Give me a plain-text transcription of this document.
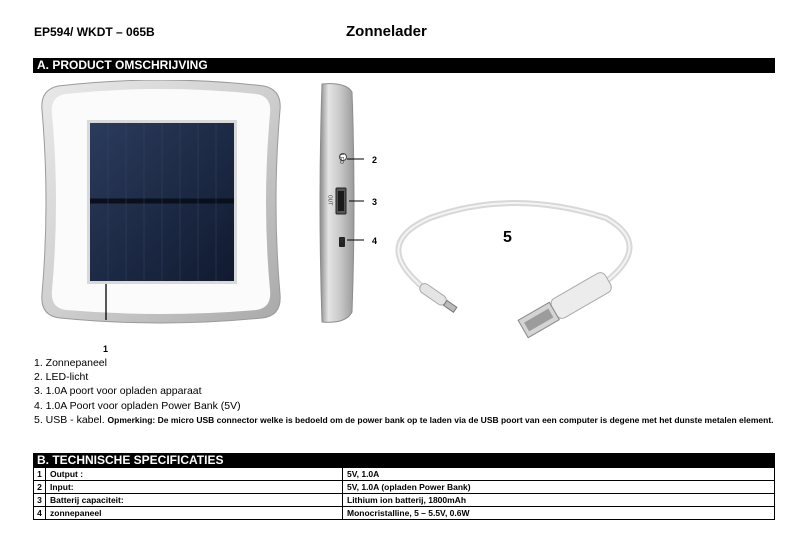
EP594/ WKDT – 065B	Zonnelader
A. PRODUCT OMSCHRIJVING
1
LED
OUT
IN
2
3
4	5
1. Zonnepaneel
2. LED-licht
3. 1.0A poort voor opladen apparaat
4. 1.0A Poort voor opladen Power Bank (5V)
5. USB - kabel. Opmerking: De micro USB connector welke is bedoeld om de power bank op te laden via de USB poort van een computer is degene met het dunste metalen element.
B. TECHNISCHE SPECIFICATIES
1	Output :	5V, 1.0A
2	Input:	5V, 1.0A (opladen Power Bank)
3	Batterij capaciteit:	Lithium ion batterij, 1800mAh
4	zonnepaneel	Monocristalline, 5 – 5.5V, 0.6W
